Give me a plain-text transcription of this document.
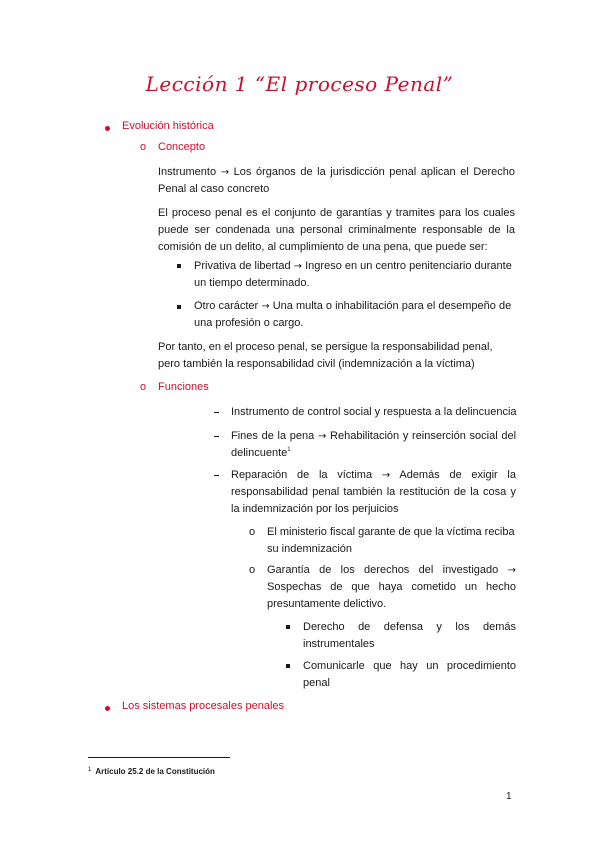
Lección 1 “El proceso Penal”
Evolución histórica
o Concepto
Instrumento → Los órganos de la jurisdicción penal aplican el Derecho Penal al caso concreto
El proceso penal es el conjunto de garantías y tramites para los cuales puede ser condenada una personal criminalmente responsable de la comisión de un delito, al cumplimiento de una pena, que puede ser:
Privativa de libertad → Ingreso en un centro penitenciario durante un tiempo determinado.
Otro carácter → Una multa o inhabilitación para el desempeño de una profesión o cargo.
Por tanto, en el proceso penal, se persigue la responsabilidad penal, pero también la responsabilidad civil (indemnización a la víctima)
o Funciones
Instrumento de control social y respuesta a la delincuencia
Fines de la pena → Rehabilitación y reinserción social del delincuente$^1$
Reparación de la víctima → Además de exigir la responsabilidad penal también la restitución de la cosa y la indemnización por los perjuicios
o El ministerio fiscal garante de que la víctima reciba su indemnización
o Garantía de los derechos del investigado → Sospechas de que haya cometido un hecho presuntamente delictivo.
Derecho de defensa y los demás instrumentales
Comunicarle que hay un procedimiento penal
Los sistemas procesales penales
$^1$ Artículo 25.2 de la Constitución
1
